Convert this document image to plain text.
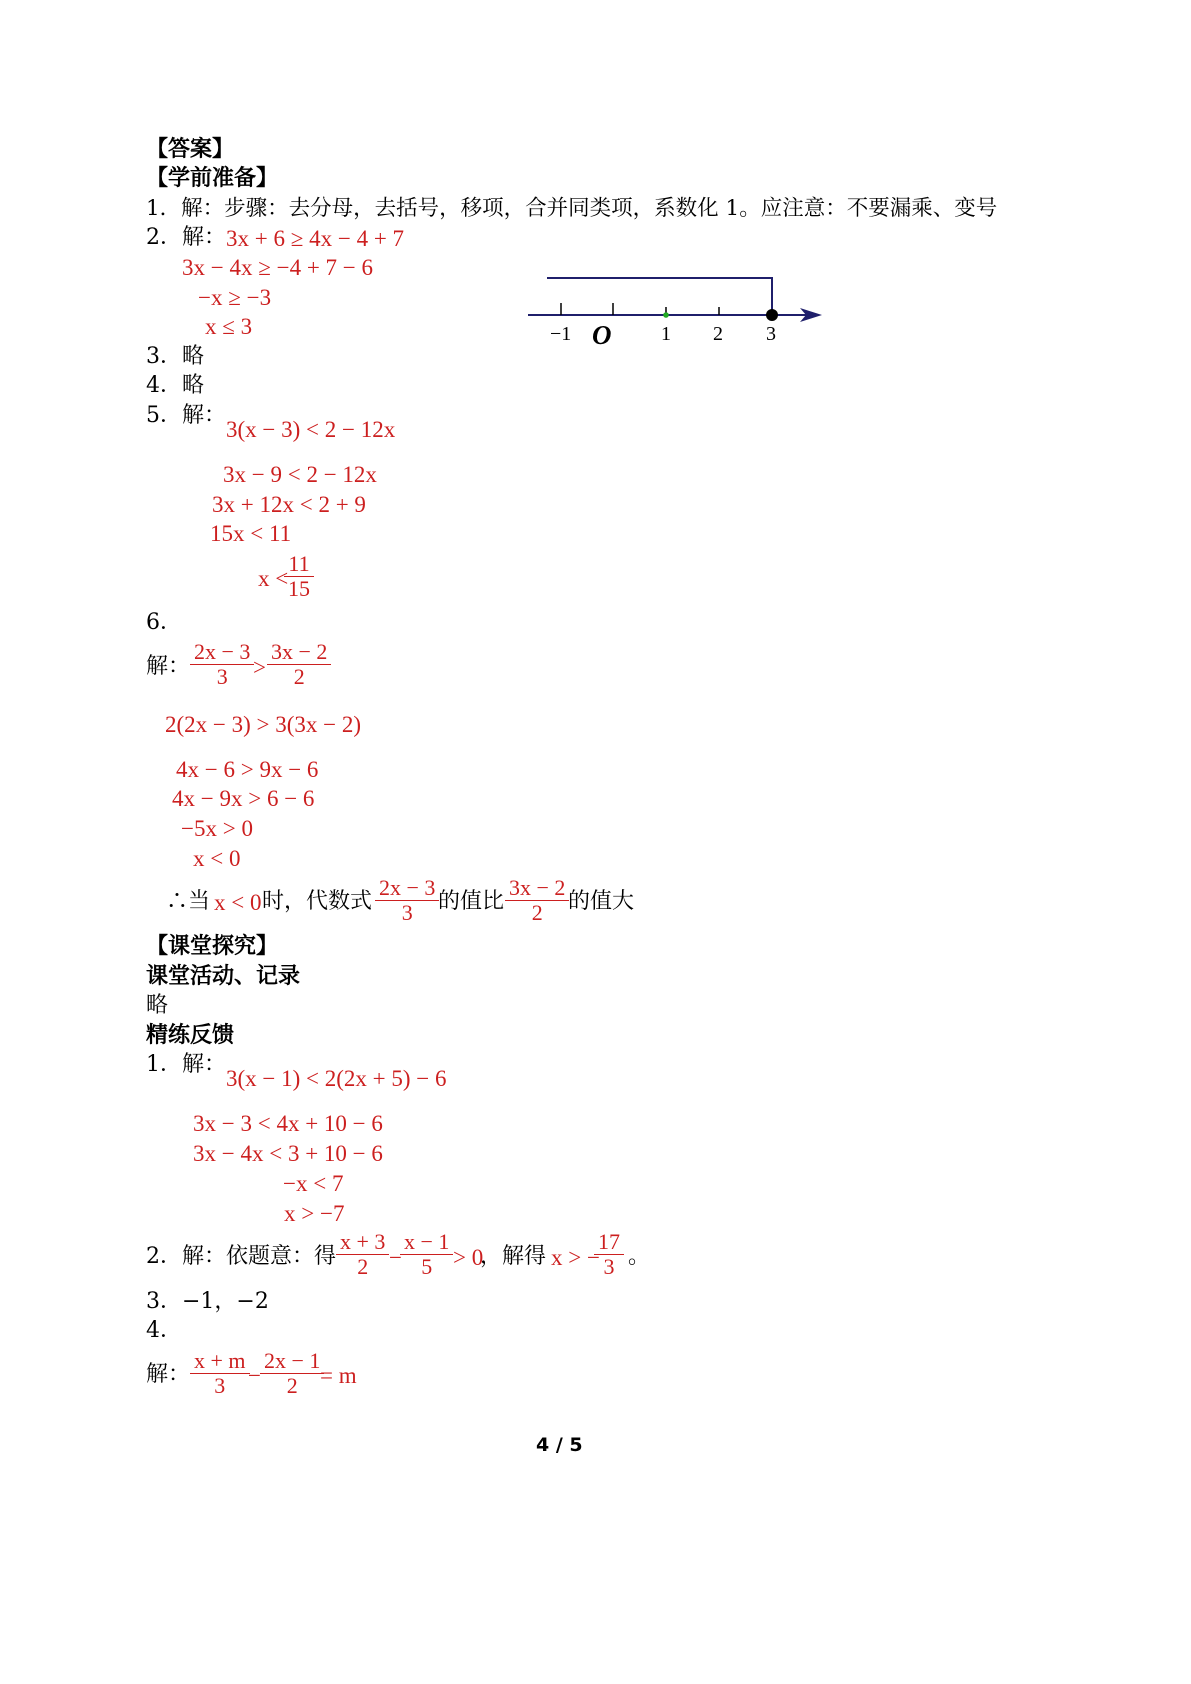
【答案】
【学前准备】
1．解：步骤：去分母，去括号，移项，合并同类项，系数化 1。应注意：不要漏乘、变号
2．解： 3x + 6 ≥ 4x − 4 + 7
3x − 4x ≥ −4 + 7 − 6
−x ≥ −3
x ≤ 3	−1 O 1 2 3
3．略
4．略
5．解：
3(x − 3) < 2 − 12x
3x − 9 < 2 − 12x
3x + 12x < 2 + 9
15x < 11
x <
$\frac{11}{15}$
6．
解： $\frac{2x - 3}{3}$
> $\frac{3x - 2}{2}$
2(2x − 3) > 3(3x − 2)
4x − 6 > 9x − 6
4x − 9x > 6 − 6
−5x > 0
x < 0
∴当 x < 0 时，代数式 $\frac{2x - 3}{3}$
的值比 $\frac{3x - 2}{2}$
的值大
【课堂探究】
课堂活动、记录
略
精练反馈
1．解：
3(x − 1) < 2(2x + 5) − 6
3x − 3 < 4x + 10 − 6
3x − 4x < 3 + 10 − 6
−x < 7
x > −7
2．解：依题意：得 $\frac{x + 3}{2}$ −
$\frac{x - 1}{5} > 0$
，解得 x > −
$\frac{17}{3}$ 。
3．−1，−2
4．
解： $\frac{x + m}{3}$
− $\frac{2x - 1}{2}$
= m
4 / 5
